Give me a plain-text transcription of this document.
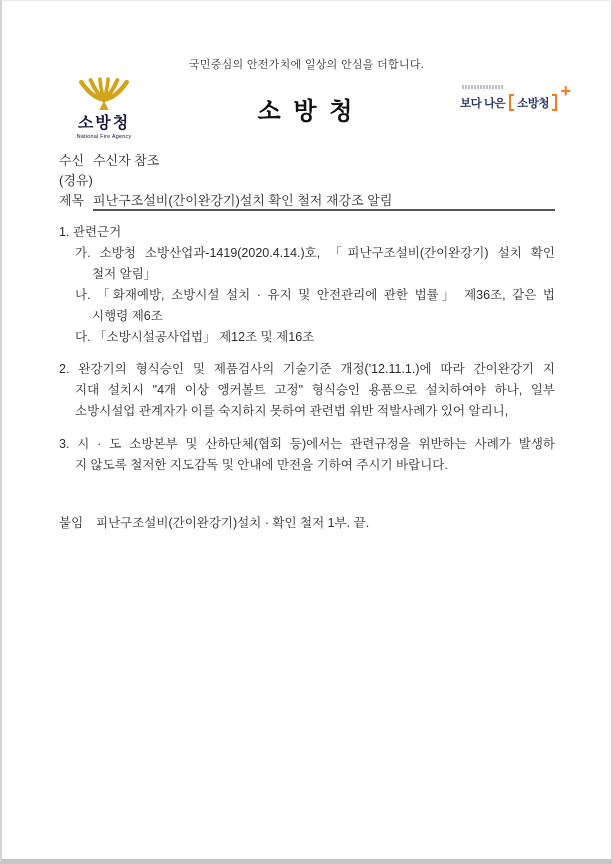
국민중심의 안전가치에 일상의 안심을 더합니다.
소방청
National Fire Agency
소 방 청	보다 나은 소방청
+
수신 수신자 참조
(경유)
제목 피난구조설비(간이완강기)설치 확인 철저 재강조 알림
1. 관련근거
가. 소방청 소방산업과-1419(2020.4.14.)호, 「피난구조설비(간이완강기) 설치 확인
철저 알림」
나. 「화재예방, 소방시설 설치 · 유지 및 안전관리에 관한 법률」 제36조, 같은 법
시행령 제6조
다. 「소방시설공사업법」 제12조 및 제16조
2. 완강기의 형식승인 및 제품검사의 기술기준 개정('12.11.1.)에 따라 간이완강기 지
지대 설치시 "4개 이상 앵커볼트 고정" 형식승인 용품으로 설치하여야 하나, 일부
소방시설업 관계자가 이를 숙지하지 못하여 관련법 위반 적발사례가 있어 알리니,
3. 시 · 도 소방본부 및 산하단체(협회 등)에서는 관련규정을 위반하는 사례가 발생하
지 않도록 철저한 지도감독 및 안내에 만전을 기하여 주시기 바랍니다.
붙임 피난구조설비(간이완강기)설치 · 확인 철저 1부. 끝.
